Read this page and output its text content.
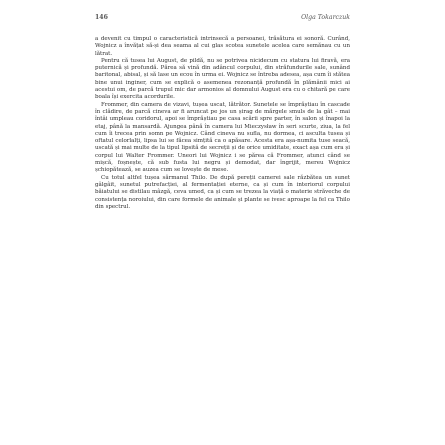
146	Olga Tokarczuk

a devenit cu timpul o caracteristică intrinsecă a persoanei, trăsătura ei sonoră. Curând, Wojnicz a învățat să-și dea seama al cui glas scotea sunetele acelea care semănau cu un lătrat.

Pentru că tusea lui August, de pildă, nu se potrivea nicidecum cu statura lui firavă, era puternică și profundă. Părea să vină din adâncul corpului, din străfundurile sale, sunând baritonal, abisal, și să lase un ecou în urma ei. Wojnicz se întreba adesea, așa cum îi stătea bine unui inginer, cum se explică o asemenea rezonanță profundă în plămânii mici ai acestui om, de parcă trupul mic dar armonios al domnului August era cu o chitară pe care boala își exercita acordurile.

Frommer, din camera de vizavi, tușea uscat, lătrător. Sunetele se împrăștiau în cascade în clădire, de parcă cineva ar fi aruncat pe jos un șirag de mărgele smuls de la gât – mai întâi umpleau coridorul, apoi se împrăștiau pe casa scării spre parter, în salon și înapoi la etaj, până la mansardă. Ajungea până în camera lui Mieczysław în seri scurte, ziua, la fel cum îi trecea prin somn pe Wojnicz. Când cineva nu sufla, nu dormea, ci asculta tusea și oftatul celorlalți, lipsa lui se făcea simțită ca o apăsare. Acesta era așa-numita tuse seacă, uscată și mai multe de la tipul lipsită de secreții și de orice umiditate, exact așa cum era și corpul lui Walter Frommer. Uneori lui Wojnicz i se părea că Frommer, atunci când se mișcă, foșnește, că sub fusta lui negru și demodat, dar îngrijit, mereu Wojnicz șchiopătează, se auzea cum se lovește de mese.

Cu totul altfel tușea sărmanul Thilo. De după pereții camerei sale răzbătea un sunet gâlgâit, sunetul putrefacției, al fermentației eterne, ca și cum în interiorul corpului băiatului se distilau mâzgă, ceva umed, ca și cum se trezea la viață o materie străveche de consistența noroiului, din care formele de animale și plante se ivesc aproape la fel ca Thilo din spectrul.
